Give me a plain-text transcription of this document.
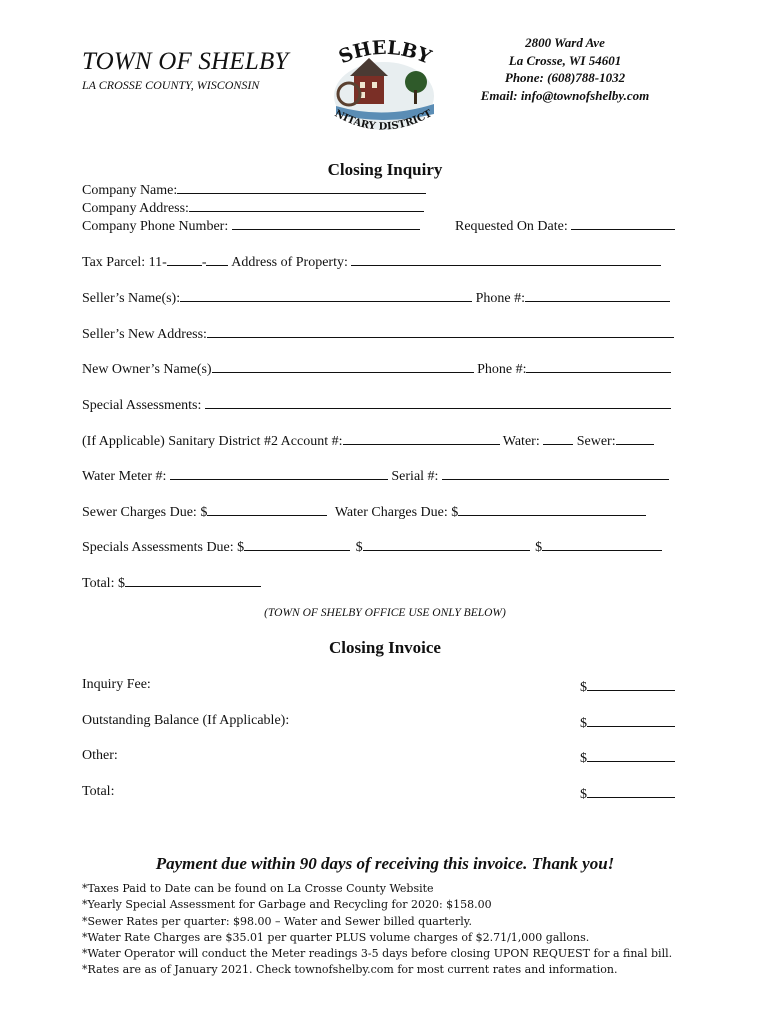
TOWN OF SHELBY
LA CROSSE COUNTY, WISCONSIN
SHELBY
NITARY DISTRICT
2800 Ward Ave
La Crosse, WI 54601
Phone: (608)788-1032
Email: info@townofshelby.com
Closing Inquiry
Company Name:
Company Address:
Company Phone Number:	Requested On Date:
Tax Parcel: 11-	- Address of Property:
Seller’s Name(s):	Phone #:
Seller’s New Address:
New Owner’s Name(s)	Phone #:
Special Assessments:
(If Applicable) Sanitary District #2 Account #:	Water:	Sewer:
Water Meter #:	Serial #:
Sewer Charges Due: $	Water Charges Due: $
Specials Assessments Due: $	$	$
Total: $
(TOWN OF SHELBY OFFICE USE ONLY BELOW)
Closing Invoice
Inquiry Fee:	$
Outstanding Balance (If Applicable):	$
Other:	$
Total:	$
Payment due within 90 days of receiving this invoice. Thank you!
*Taxes Paid to Date can be found on La Crosse County Website
*Yearly Special Assessment for Garbage and Recycling for 2020: $158.00
*Sewer Rates per quarter: $98.00 – Water and Sewer billed quarterly.
*Water Rate Charges are $35.01 per quarter PLUS volume charges of $2.71/1,000 gallons.
*Water Operator will conduct the Meter readings 3-5 days before closing UPON REQUEST for a final bill.
*Rates are as of January 2021. Check townofshelby.com for most current rates and information.
